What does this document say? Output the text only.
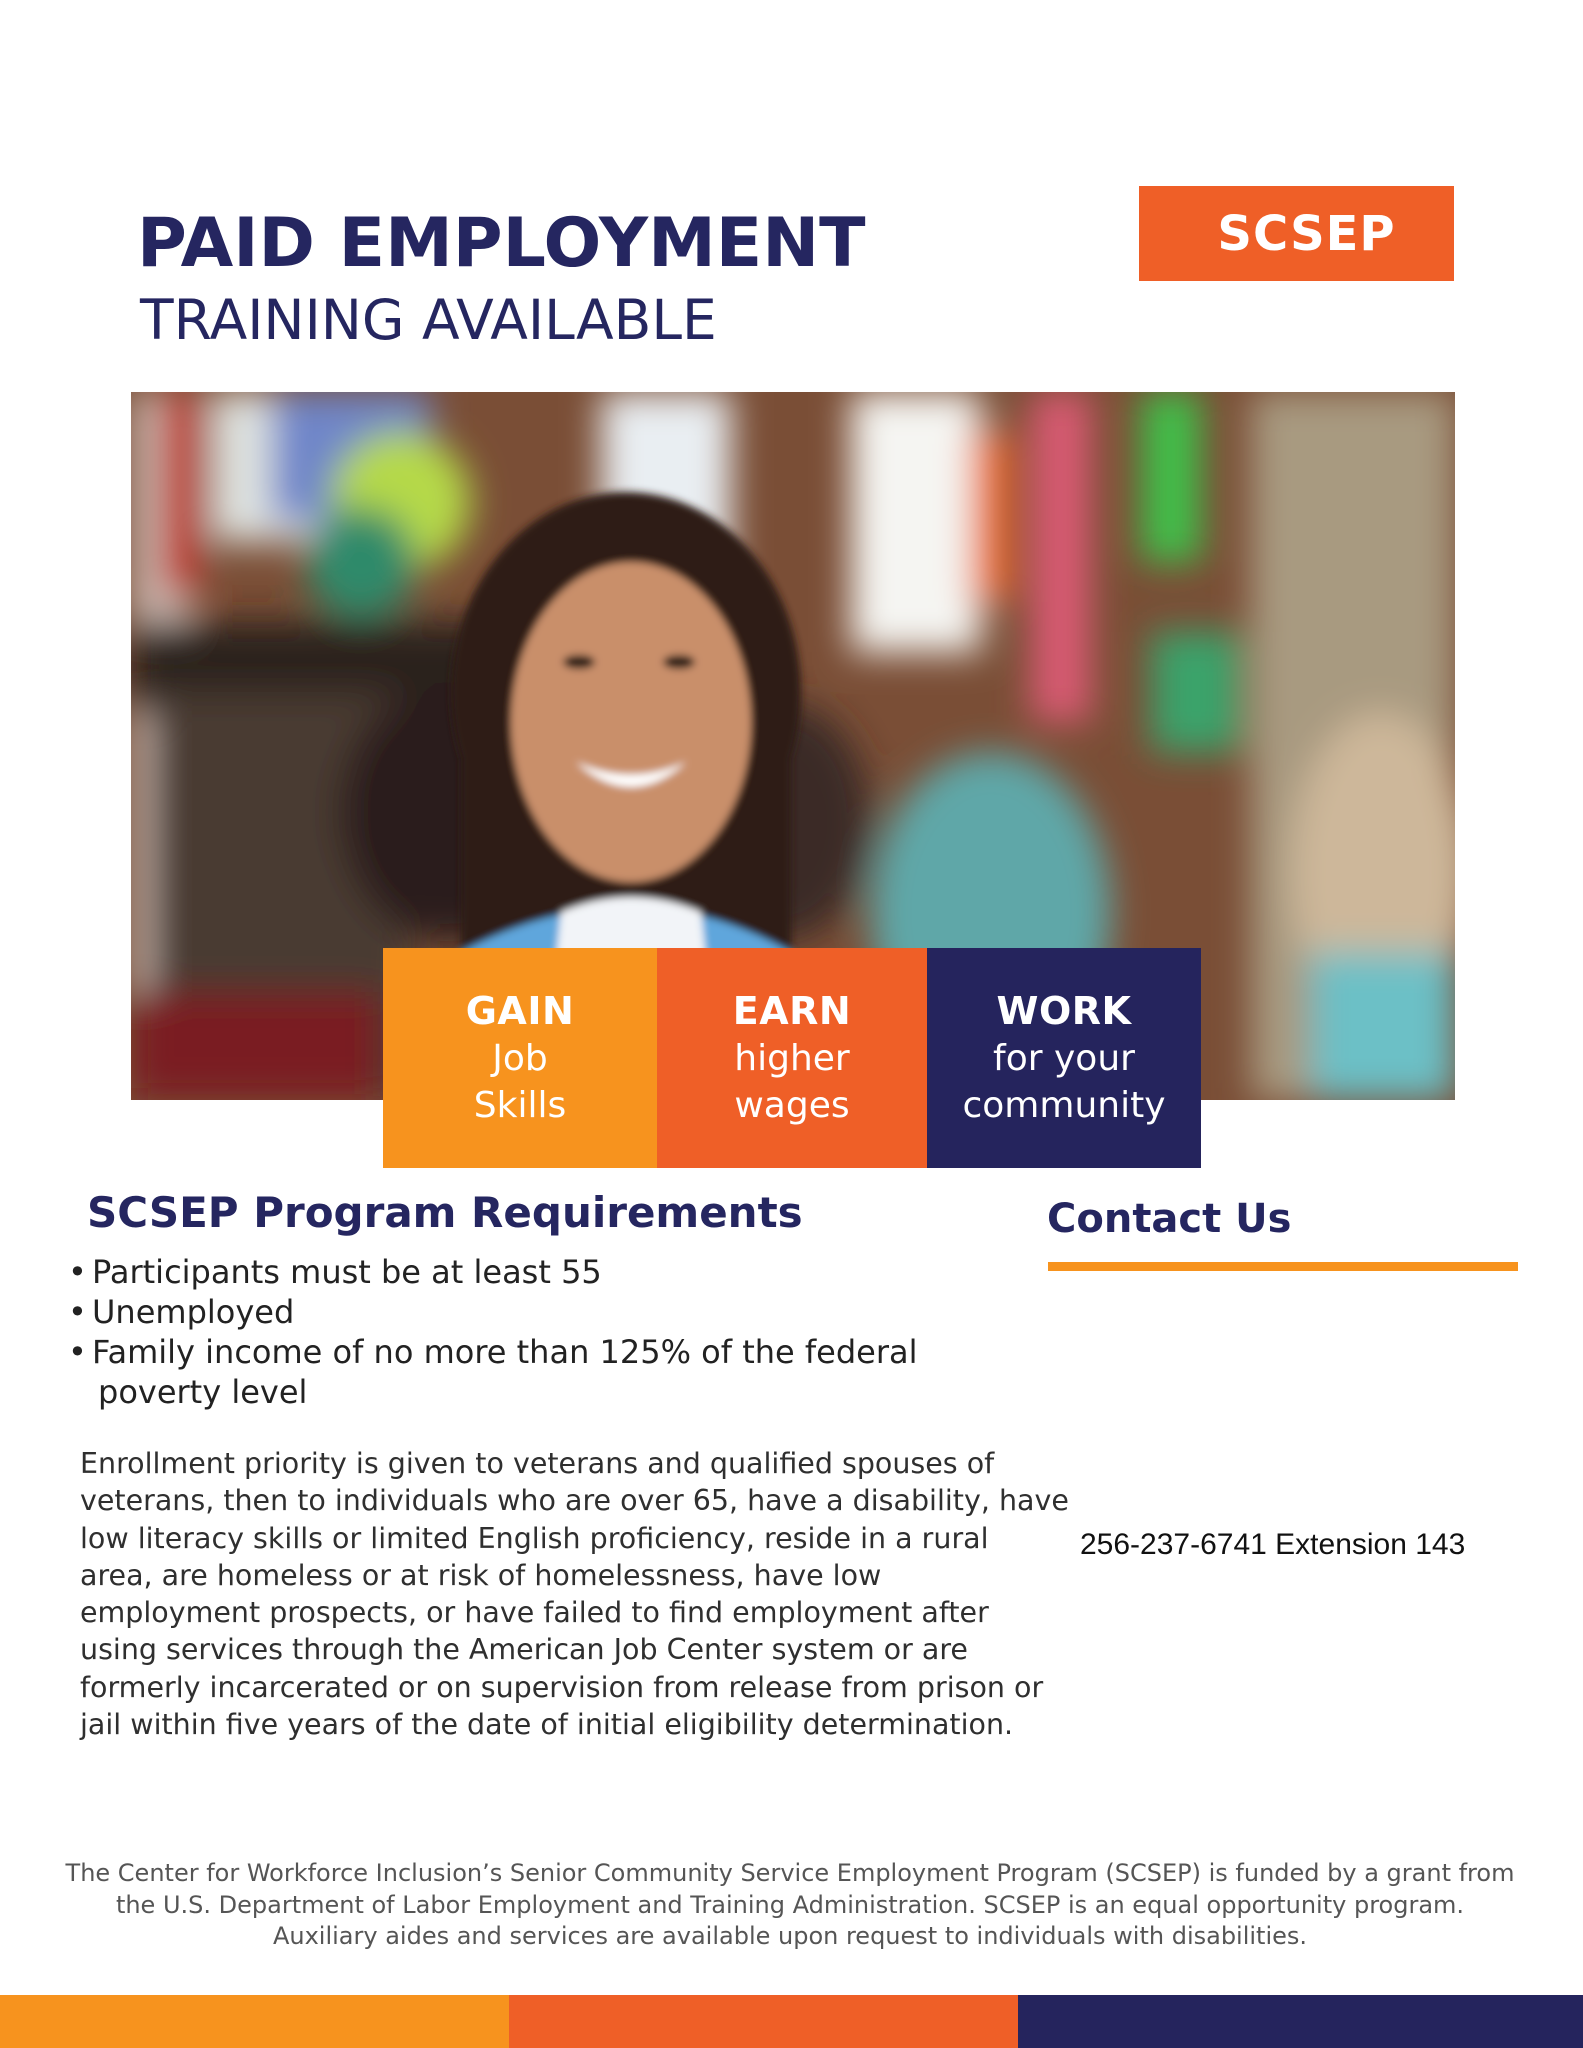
PAID EMPLOYMENT
TRAINING AVAILABLE
SCSEP
GAIN
Job
Skills
EARN
higher
wages
WORK
for your
community
SCSEP Program Requirements
• Participants must be at least 55
• Unemployed
• Family income of no more than 125% of the federal
poverty level

Enrollment priority is given to veterans and qualified spouses of veterans, then to individuals who are over 65, have a disability, have low literacy skills or limited English proficiency, reside in a rural area, are homeless or at risk of homelessness, have low employment prospects, or have failed to find employment after using services through the American Job Center system or are formerly incarcerated or on supervision from release from prison or jail within five years of the date of initial eligibility determination.

Contact Us
256-237-6741 Extension 143

The Center for Workforce Inclusion’s Senior Community Service Employment Program (SCSEP) is funded by a grant from the U.S. Department of Labor Employment and Training Administration. SCSEP is an equal opportunity program. Auxiliary aides and services are available upon request to individuals with disabilities.
